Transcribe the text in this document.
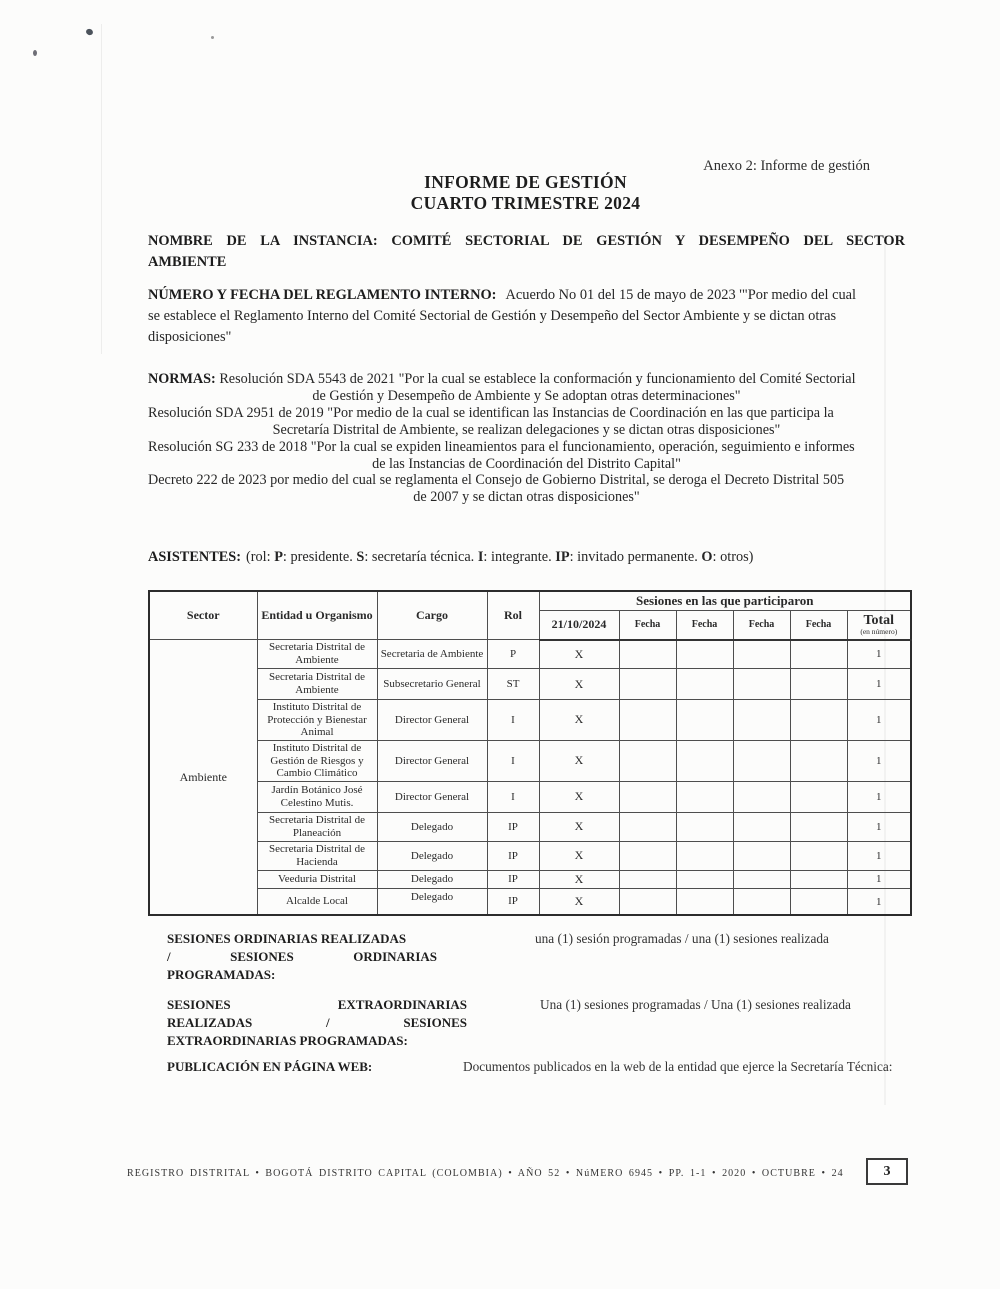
Anexo 2: Informe de gestión
INFORME DE GESTIÓN
CUARTO TRIMESTRE 2024
NOMBRE DE LA INSTANCIA: COMITÉ SECTORIAL DE GESTIÓN Y DESEMPEÑO DEL SECTOR
AMBIENTE
NÚMERO Y FECHA DEL REGLAMENTO INTERNO: Acuerdo No 01 del 15 de mayo de 2023 '"Por medio del cual
se establece el Reglamento Interno del Comité Sectorial de Gestión y Desempeño del Sector Ambiente y se dictan otras
disposiciones"
NORMAS: Resolución SDA 5543 de 2021 "Por la cual se establece la conformación y funcionamiento del Comité Sectorial
de Gestión y Desempeño de Ambiente y Se adoptan otras determinaciones"
Resolución SDA 2951 de 2019 "Por medio de la cual se identifican las Instancias de Coordinación en las que participa la
Secretaría Distrital de Ambiente, se realizan delegaciones y se dictan otras disposiciones"
Resolución SG 233 de 2018 "Por la cual se expiden lineamientos para el funcionamiento, operación, seguimiento e informes
de las Instancias de Coordinación del Distrito Capital"
Decreto 222 de 2023 por medio del cual se reglamenta el Consejo de Gobierno Distrital, se deroga el Decreto Distrital 505
de 2007 y se dictan otras disposiciones"
ASISTENTES: (rol: P: presidente. S: secretaría técnica. I: integrante. IP: invitado permanente. O: otros)
Sector	Entidad u Organismo	Cargo	Rol	Sesiones en las que participaron					
				21/10/2024	Fecha	Fecha	Fecha	Fecha	Total
(en número)

Ambiente	Secretaria Distrital de Ambiente	Secretaria de Ambiente	P	X					1
	Secretaria Distrital de Ambiente	Subsecretario General	ST	X					1
	Instituto Distrital de Protección y Bienestar Animal	Director General	I	X					1
	Instituto Distrital de Gestión de Riesgos y Cambio Climático	Director General	I	X					1
	Jardín Botánico José Celestino Mutis.	Director General	I	X					1
	Secretaria Distrital de Planeación	Delegado	IP	X					1
	Secretaria Distrital de Hacienda	Delegado	IP	X					1
	Veeduria Distrital	Delegado	IP	X					1
	Alcalde Local	Delegado	IP	X					1
SESIONES ORDINARIAS REALIZADAS
/ SESIONES ORDINARIAS
PROGRAMADAS:
una (1) sesión programadas / una (1) sesiones realizada
SESIONES EXTRAORDINARIAS
REALIZADAS / SESIONES
EXTRAORDINARIAS PROGRAMADAS:
Una (1) sesiones programadas / Una (1) sesiones realizada
PUBLICACIÓN EN PÁGINA WEB:	Documentos publicados en la web de la entidad que ejerce la Secretaría Técnica:
REGISTRO DISTRITAL • BOGOTÁ DISTRITO CAPITAL (COLOMBIA) • AÑO 52 • NúMERO 6945 • PP. 1-1 • 2020 • OCTUBRE • 24	3
